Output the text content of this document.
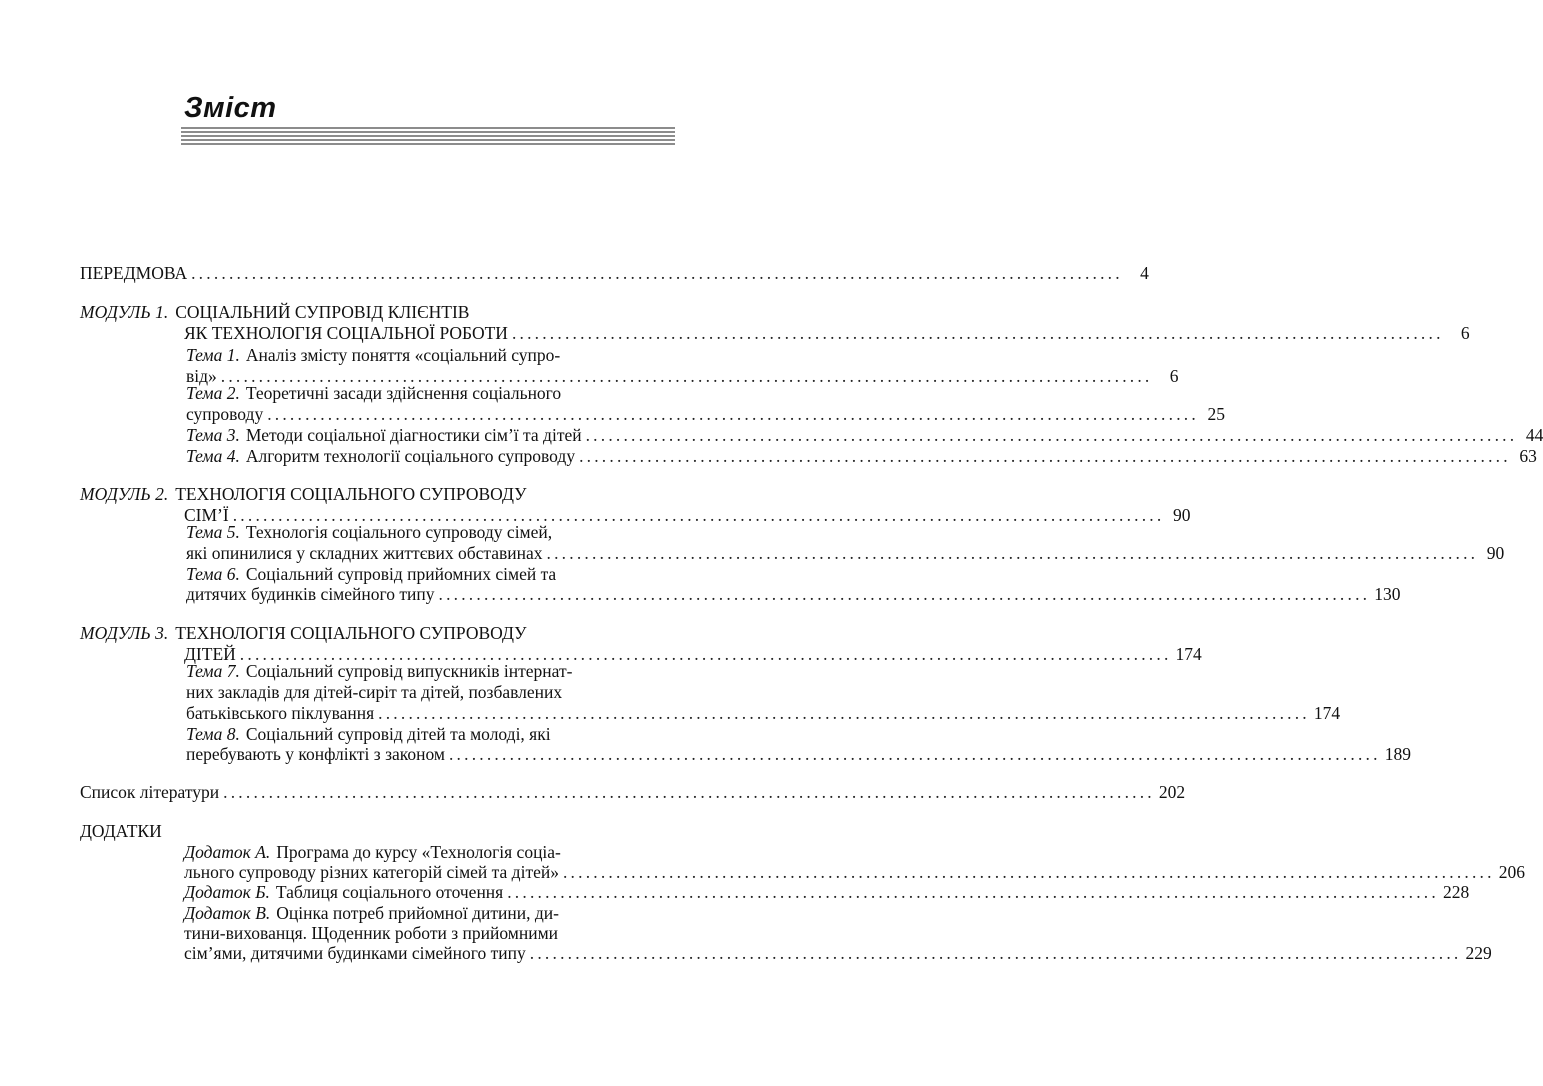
Зміст
ПЕРЕДМОВА ........................................................................................................................... 4
МОДУЛЬ 1. СОЦІАЛЬНИЙ СУПРОВІД КЛІЄНТІВ
ЯК ТЕХНОЛОГІЯ СОЦІАЛЬНОЇ РОБОТИ ........................................................................................................................... 6
Тема 1. Аналіз змісту поняття «соціальний супро-
від» ........................................................................................................................... 6
Тема 2. Теоретичні засади здійснення соціального
супроводу ........................................................................................................................... 25
Тема 3. Методи соціальної діагностики сім’ї та дітей ........................................................................................................................... 44
Тема 4. Алгоритм технології соціального супроводу ........................................................................................................................... 63
МОДУЛЬ 2. ТЕХНОЛОГІЯ СОЦІАЛЬНОГО СУПРОВОДУ
СІМ’Ї ........................................................................................................................... 90
Тема 5. Технологія соціального супроводу сімей,
які опинилися у складних життєвих обставинах ........................................................................................................................... 90
Тема 6. Соціальний супровід прийомних сімей та
дитячих будинків сімейного типу ........................................................................................................................... 130
МОДУЛЬ 3. ТЕХНОЛОГІЯ СОЦІАЛЬНОГО СУПРОВОДУ
ДІТЕЙ ........................................................................................................................... 174
Тема 7. Соціальний супровід випускників інтернат-
них закладів для дітей-сиріт та дітей, позбавлених
батьківського піклування ........................................................................................................................... 174
Тема 8. Соціальний супровід дітей та молоді, які
перебувають у конфлікті з законом ........................................................................................................................... 189
Список літератури ........................................................................................................................... 202
ДОДАТКИ
Додаток А. Програма до курсу «Технологія соціа-
льного супроводу різних категорій сімей та дітей» ........................................................................................................................... 206
Додаток Б. Таблиця соціального оточення ........................................................................................................................... 228
Додаток В. Оцінка потреб прийомної дитини, ди-
тини-вихованця. Щоденник роботи з прийомними
сім’ями, дитячими будинками сімейного типу ........................................................................................................................... 229
